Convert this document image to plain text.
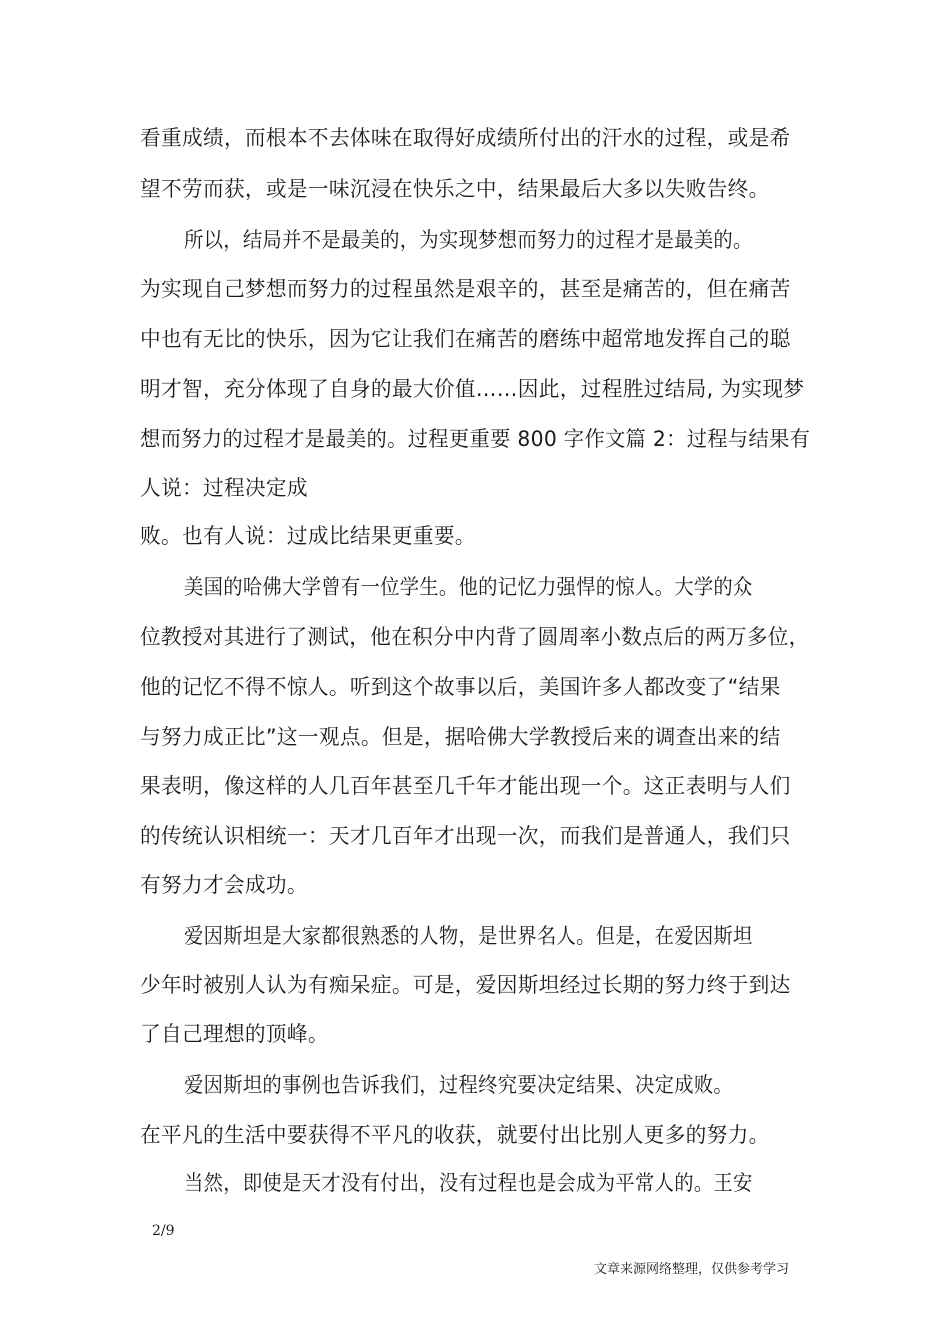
看重成绩，而根本不去体味在取得好成绩所付出的汗水的过程，或是希
望不劳而获，或是一味沉浸在快乐之中，结果最后大多以失败告终。
所以，结局并不是最美的，为实现梦想而努力的过程才是最美的。
为实现自己梦想而努力的过程虽然是艰辛的，甚至是痛苦的，但在痛苦
中也有无比的快乐，因为它让我们在痛苦的磨练中超常地发挥自己的聪
明才智，充分体现了自身的最大价值……因此，过程胜过结局, 为实现梦
想而努力的过程才是最美的。过程更重要 800 字作文篇 2：过程与结果有
人说：过程决定成
败。也有人说：过成比结果更重要。
美国的哈佛大学曾有一位学生。他的记忆力强悍的惊人。大学的众
位教授对其进行了测试，他在积分中内背了圆周率小数点后的两万多位，
他的记忆不得不惊人。听到这个故事以后，美国许多人都改变了“结果
与努力成正比”这一观点。但是，据哈佛大学教授后来的调查出来的结
果表明，像这样的人几百年甚至几千年才能出现一个。这正表明与人们
的传统认识相统一：天才几百年才出现一次，而我们是普通人，我们只
有努力才会成功。
爱因斯坦是大家都很熟悉的人物，是世界名人。但是，在爱因斯坦
少年时被别人认为有痴呆症。可是，爱因斯坦经过长期的努力终于到达
了自己理想的顶峰。
爱因斯坦的事例也告诉我们，过程终究要决定结果、决定成败。
在平凡的生活中要获得不平凡的收获，就要付出比别人更多的努力。
当然，即使是天才没有付出，没有过程也是会成为平常人的。王安
2/9
文章来源网络整理，仅供参考学习
